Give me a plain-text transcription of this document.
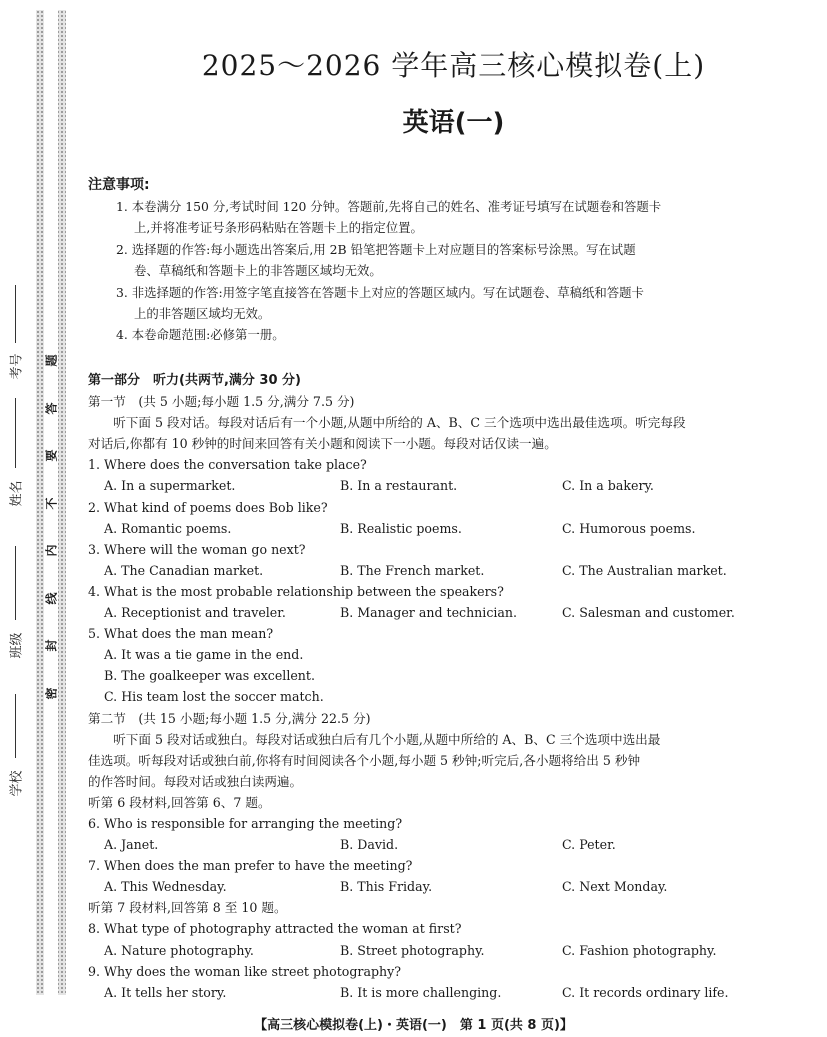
题
答
要
不
内
线
封
密
考号
姓名
班级
学校
2025～2026 学年高三核心模拟卷(上)
英语(一)
注意事项:
1. 本卷满分 150 分,考试时间 120 分钟。答题前,先将自己的姓名、准考证号填写在试题卷和答题卡
上,并将准考证号条形码粘贴在答题卡上的指定位置。
2. 选择题的作答:每小题选出答案后,用 2B 铅笔把答题卡上对应题目的答案标号涂黑。写在试题
卷、草稿纸和答题卡上的非答题区域均无效。
3. 非选择题的作答:用签字笔直接答在答题卡上对应的答题区域内。写在试题卷、草稿纸和答题卡
上的非答题区域均无效。
4. 本卷命题范围:必修第一册。
第一部分　听力(共两节,满分 30 分)
第一节　(共 5 小题;每小题 1.5 分,满分 7.5 分)
听下面 5 段对话。每段对话后有一个小题,从题中所给的 A、B、C 三个选项中选出最佳选项。听完每段
对话后,你都有 10 秒钟的时间来回答有关小题和阅读下一小题。每段对话仅读一遍。
1. Where does the conversation take place?
A. In a supermarket.	B. In a restaurant.	C. In a bakery.
2. What kind of poems does Bob like?
A. Romantic poems.	B. Realistic poems.	C. Humorous poems.
3. Where will the woman go next?
A. The Canadian market.	B. The French market.	C. The Australian market.
4. What is the most probable relationship between the speakers?
A. Receptionist and traveler.	B. Manager and technician.	C. Salesman and customer.
5. What does the man mean?
A. It was a tie game in the end.
B. The goalkeeper was excellent.
C. His team lost the soccer match.
第二节　(共 15 小题;每小题 1.5 分,满分 22.5 分)
听下面 5 段对话或独白。每段对话或独白后有几个小题,从题中所给的 A、B、C 三个选项中选出最
佳选项。听每段对话或独白前,你将有时间阅读各个小题,每小题 5 秒钟;听完后,各小题将给出 5 秒钟
的作答时间。每段对话或独白读两遍。
听第 6 段材料,回答第 6、7 题。
6. Who is responsible for arranging the meeting?
A. Janet.	B. David.	C. Peter.
7. When does the man prefer to have the meeting?
A. This Wednesday.	B. This Friday.	C. Next Monday.
听第 7 段材料,回答第 8 至 10 题。
8. What type of photography attracted the woman at first?
A. Nature photography.	B. Street photography.	C. Fashion photography.
9. Why does the woman like street photography?
A. It tells her story.	B. It is more challenging.	C. It records ordinary life.
【高三核心模拟卷(上)・英语(一)　第 1 页(共 8 页)】
